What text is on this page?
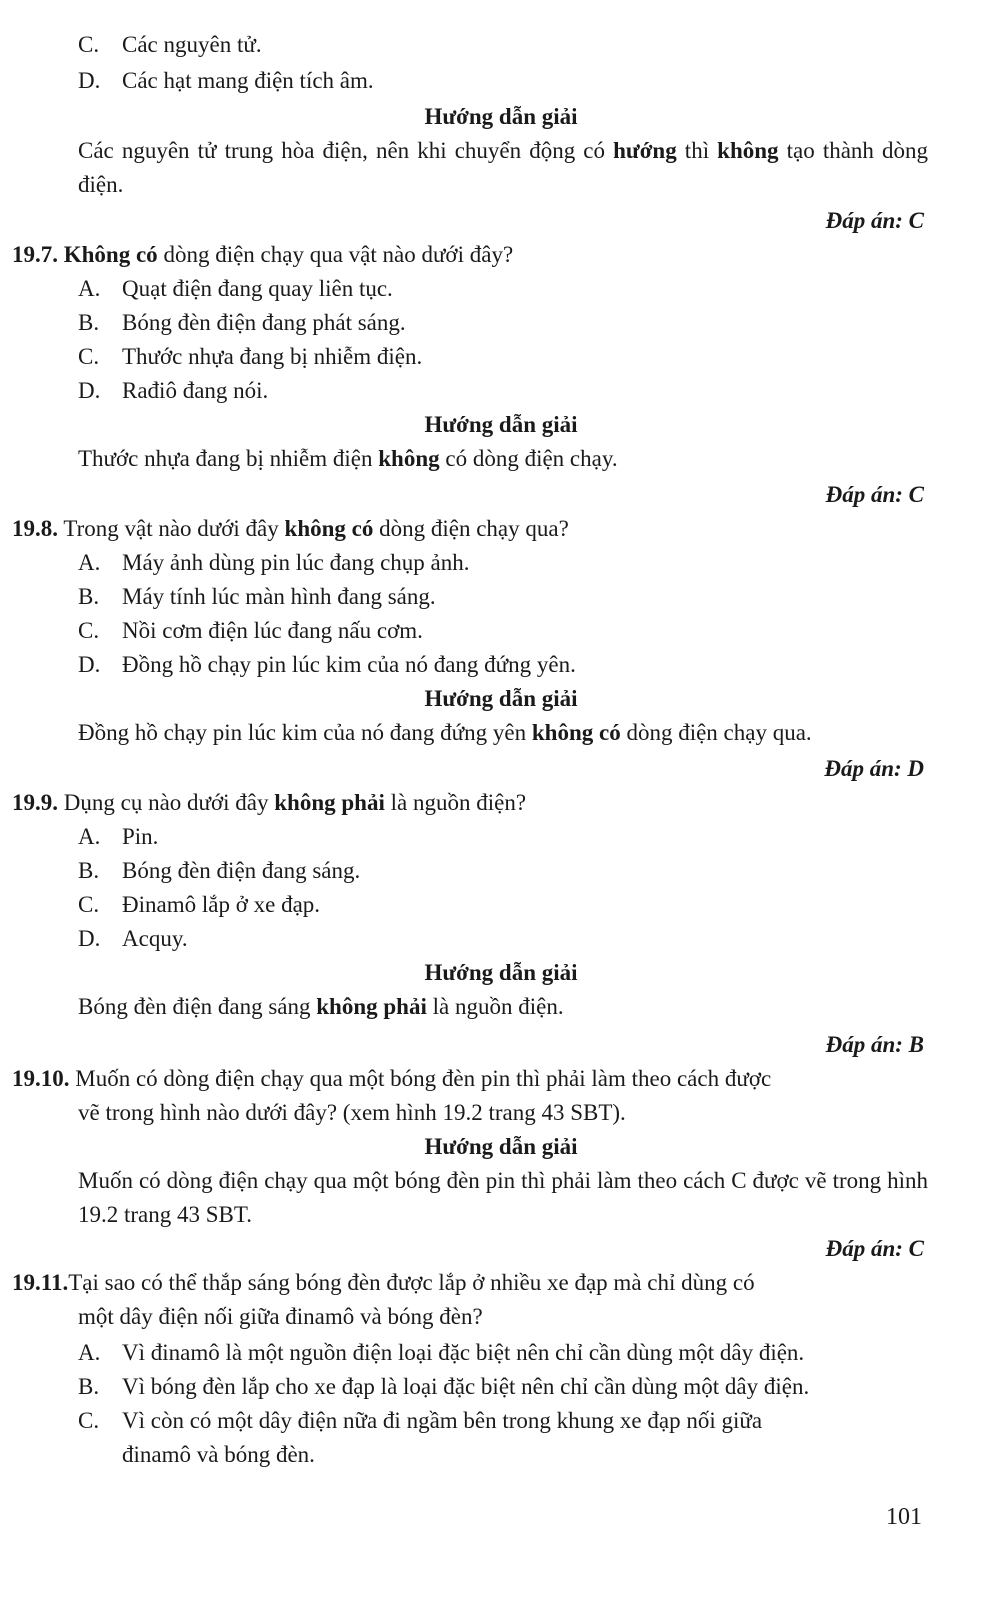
C. Các nguyên tử.
D. Các hạt mang điện tích âm.
Hướng dẫn giải
Các nguyên tử trung hòa điện, nên khi chuyển động có hướng thì không tạo thành dòng điện.
Đáp án: C
19.7. Không có dòng điện chạy qua vật nào dưới đây?
A. Quạt điện đang quay liên tục.
B. Bóng đèn điện đang phát sáng.
C. Thước nhựa đang bị nhiễm điện.
D. Rađiô đang nói.
Hướng dẫn giải
Thước nhựa đang bị nhiễm điện không có dòng điện chạy.
Đáp án: C
19.8. Trong vật nào dưới đây không có dòng điện chạy qua?
A. Máy ảnh dùng pin lúc đang chụp ảnh.
B. Máy tính lúc màn hình đang sáng.
C. Nồi cơm điện lúc đang nấu cơm.
D. Đồng hồ chạy pin lúc kim của nó đang đứng yên.
Hướng dẫn giải
Đồng hồ chạy pin lúc kim của nó đang đứng yên không có dòng điện chạy qua.
Đáp án: D
19.9. Dụng cụ nào dưới đây không phải là nguồn điện?
A. Pin.
B. Bóng đèn điện đang sáng.
C. Đinamô lắp ở xe đạp.
D. Acquy.
Hướng dẫn giải
Bóng đèn điện đang sáng không phải là nguồn điện.
Đáp án: B
19.10. Muốn có dòng điện chạy qua một bóng đèn pin thì phải làm theo cách được
vẽ trong hình nào dưới đây? (xem hình 19.2 trang 43 SBT).
Hướng dẫn giải
Muốn có dòng điện chạy qua một bóng đèn pin thì phải làm theo cách C được vẽ trong hình 19.2 trang 43 SBT.
Đáp án: C
19.11.Tại sao có thể thắp sáng bóng đèn được lắp ở nhiều xe đạp mà chỉ dùng có
một dây điện nối giữa đinamô và bóng đèn?
A. Vì đinamô là một nguồn điện loại đặc biệt nên chỉ cần dùng một dây điện.
B. Vì bóng đèn lắp cho xe đạp là loại đặc biệt nên chỉ cần dùng một dây điện.
C. Vì còn có một dây điện nữa đi ngầm bên trong khung xe đạp nối giữa
đinamô và bóng đèn.
101
